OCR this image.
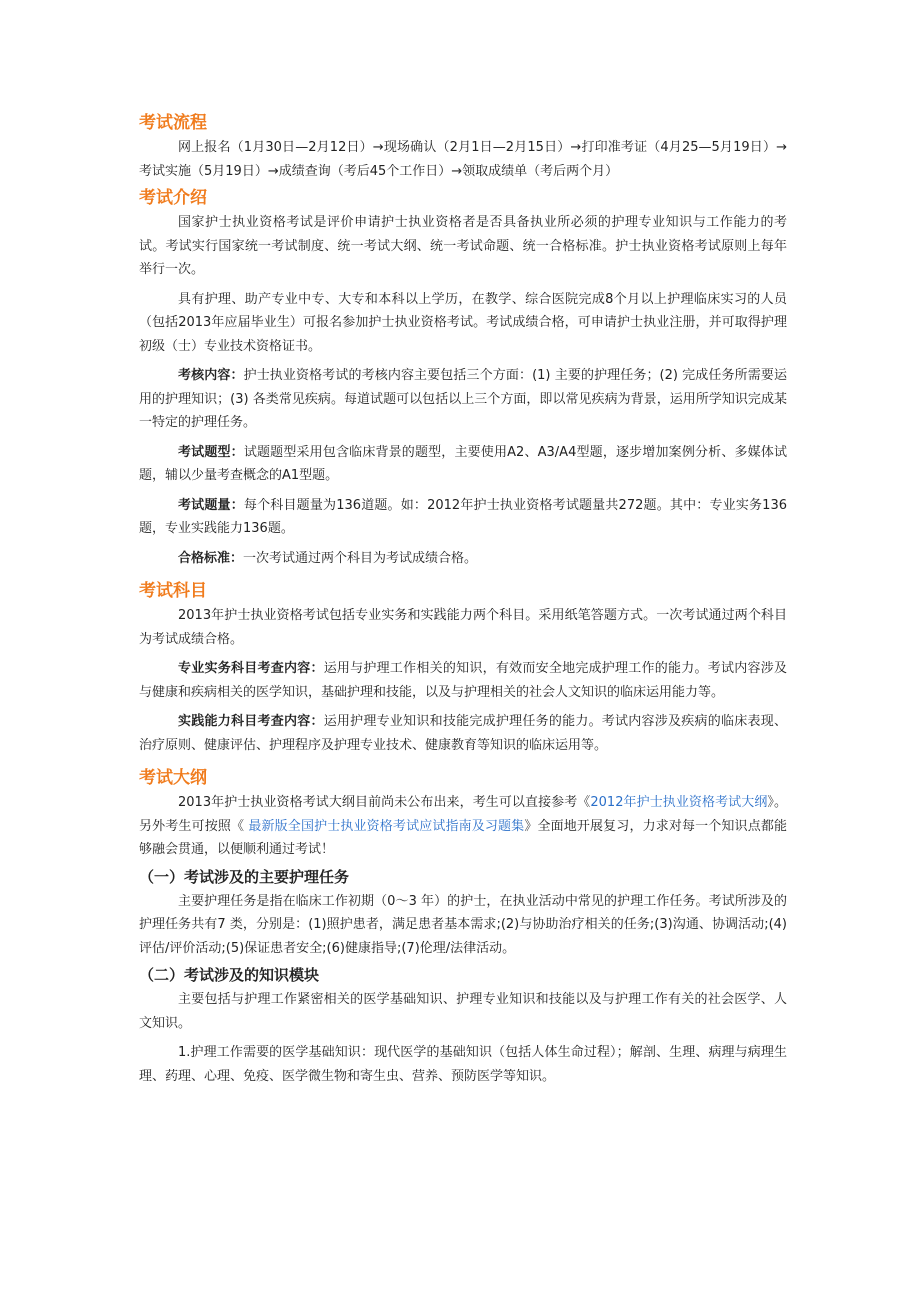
考试流程

网上报名（1月30日—2月12日）→现场确认（2月1日—2月15日）→打印准考证（4月25—5月19日）→考试实施（5月19日）→成绩查询（考后45个工作日）→领取成绩单（考后两个月）

考试介绍

国家护士执业资格考试是评价申请护士执业资格者是否具备执业所必须的护理专业知识与工作能力的考试。考试实行国家统一考试制度、统一考试大纲、统一考试命题、统一合格标准。护士执业资格考试原则上每年举行一次。

具有护理、助产专业中专、大专和本科以上学历，在教学、综合医院完成8个月以上护理临床实习的人员（包括2013年应届毕业生）可报名参加护士执业资格考试。考试成绩合格，可申请护士执业注册，并可取得护理初级（士）专业技术资格证书。

考核内容：护士执业资格考试的考核内容主要包括三个方面：(1) 主要的护理任务；(2) 完成任务所需要运用的护理知识；(3) 各类常见疾病。每道试题可以包括以上三个方面，即以常见疾病为背景，运用所学知识完成某一特定的护理任务。

考试题型：试题题型采用包含临床背景的题型，主要使用A2、A3/A4型题，逐步增加案例分析、多媒体试题，辅以少量考查概念的A1型题。

考试题量：每个科目题量为136道题。如：2012年护士执业资格考试题量共272题。其中：专业实务136题，专业实践能力136题。

合格标准：一次考试通过两个科目为考试成绩合格。

考试科目

2013年护士执业资格考试包括专业实务和实践能力两个科目。采用纸笔答题方式。一次考试通过两个科目为考试成绩合格。

专业实务科目考查内容：运用与护理工作相关的知识，有效而安全地完成护理工作的能力。考试内容涉及与健康和疾病相关的医学知识，基础护理和技能，以及与护理相关的社会人文知识的临床运用能力等。

实践能力科目考查内容：运用护理专业知识和技能完成护理任务的能力。考试内容涉及疾病的临床表现、治疗原则、健康评估、护理程序及护理专业技术、健康教育等知识的临床运用等。

考试大纲

2013年护士执业资格考试大纲目前尚未公布出来，考生可以直接参考《2012年护士执业资格考试大纲》。另外考生可按照《 最新版全国护士执业资格考试应试指南及习题集》全面地开展复习，力求对每一个知识点都能够融会贯通，以便顺利通过考试！

（一）考试涉及的主要护理任务

主要护理任务是指在临床工作初期（0～3 年）的护士，在执业活动中常见的护理工作任务。考试所涉及的护理任务共有7 类，分别是：(1)照护患者，满足患者基本需求;(2)与协助治疗相关的任务;(3)沟通、协调活动;(4)评估/评价活动;(5)保证患者安全;(6)健康指导;(7)伦理/法律活动。

（二）考试涉及的知识模块

主要包括与护理工作紧密相关的医学基础知识、护理专业知识和技能以及与护理工作有关的社会医学、人文知识。

1.护理工作需要的医学基础知识：现代医学的基础知识（包括人体生命过程）；解剖、生理、病理与病理生理、药理、心理、免疫、医学微生物和寄生虫、营养、预防医学等知识。
